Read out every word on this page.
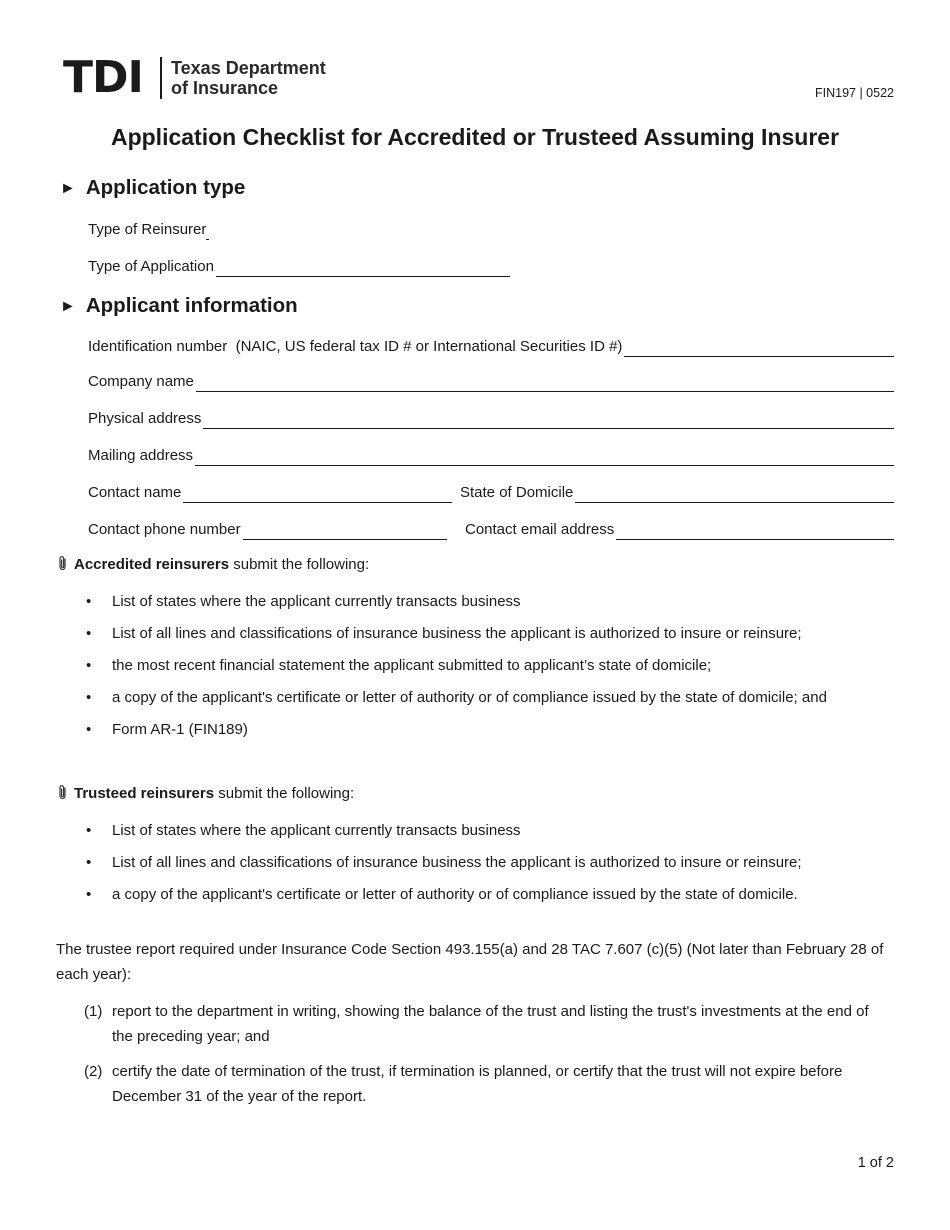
TDI Texas Department
of Insurance	FIN197 | 0522
Application Checklist for Accredited or Trusteed Assuming Insurer
► Application type
Type of Reinsurer
Type of Application
► Applicant information
Identification number  (NAIC, US federal tax ID # or International Securities ID #)
Company name
Physical address
Mailing address
Contact name	State of Domicile
Contact phone number	Contact email address
Accredited reinsurers submit the following:
• List of states where the applicant currently transacts business
• List of all lines and classifications of insurance business the applicant is authorized to insure or reinsure;
• the most recent financial statement the applicant submitted to applicant’s state of domicile;
• a copy of the applicant's certificate or letter of authority or of compliance issued by the state of domicile; and
• Form AR-1 (FIN189)
Trusteed reinsurers submit the following:
• List of states where the applicant currently transacts business
• List of all lines and classifications of insurance business the applicant is authorized to insure or reinsure;
• a copy of the applicant's certificate or letter of authority or of compliance issued by the state of domicile.
The trustee report required under Insurance Code Section 493.155(a) and 28 TAC 7.607 (c)(5) (Not later than February 28 of each year):
(1) report to the department in writing, showing the balance of the trust and listing the trust's investments at the end of the preceding year; and
(2) certify the date of termination of the trust, if termination is planned, or certify that the trust will not expire before December 31 of the year of the report.
1 of 2
